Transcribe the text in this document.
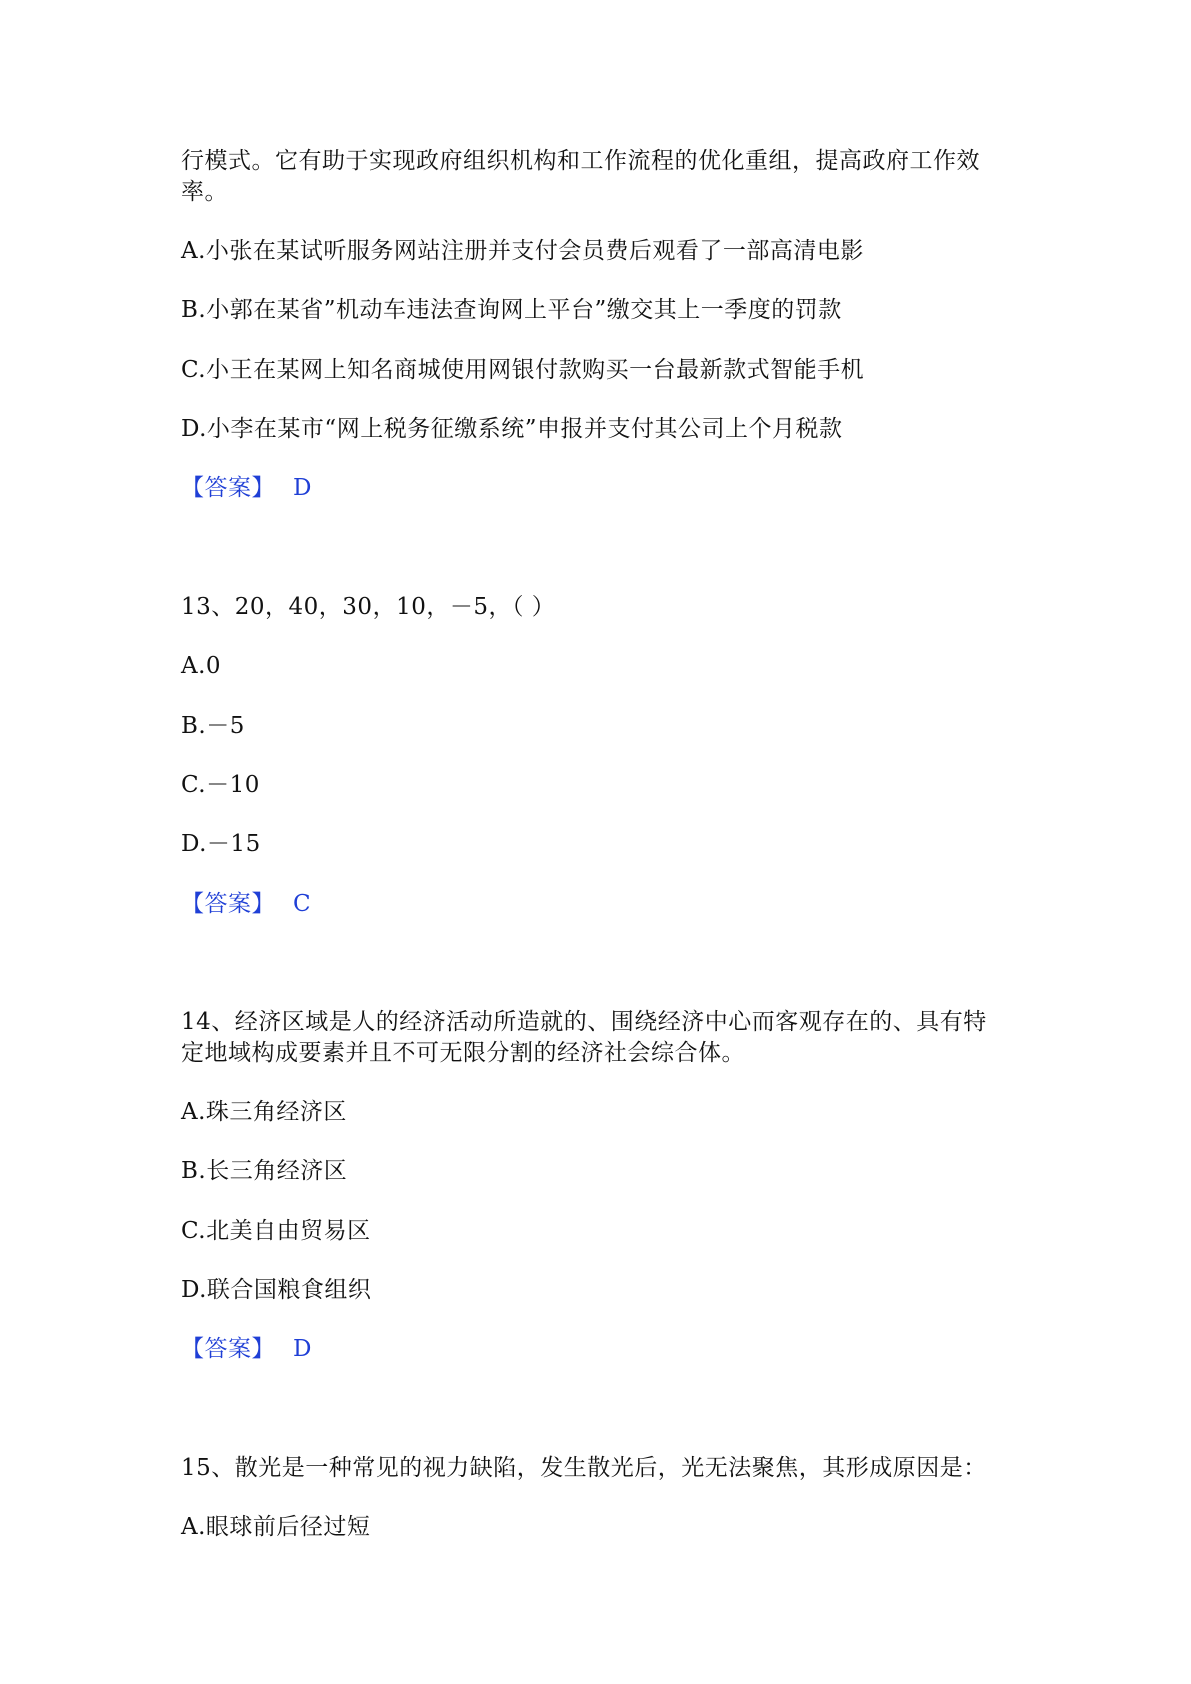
行模式。它有助于实现政府组织机构和工作流程的优化重组，提高政府工作效
率。
A.小张在某试听服务网站注册并支付会员费后观看了一部高清电影
B.小郭在某省”机动车违法查询网上平台”缴交其上一季度的罚款
C.小王在某网上知名商城使用网银付款购买一台最新款式智能手机
D.小李在某市“网上税务征缴系统”申报并支付其公司上个月税款
【答案】 D
13、20，40，30，10，－5，（ ）
A.0
B.－5
C.－10
D.－15
【答案】 C
14、经济区域是人的经济活动所造就的、围绕经济中心而客观存在的、具有特
定地域构成要素并且不可无限分割的经济社会综合体。
A.珠三角经济区
B.长三角经济区
C.北美自由贸易区
D.联合国粮食组织
【答案】 D
15、散光是一种常见的视力缺陷，发生散光后，光无法聚焦，其形成原因是：
A.眼球前后径过短
